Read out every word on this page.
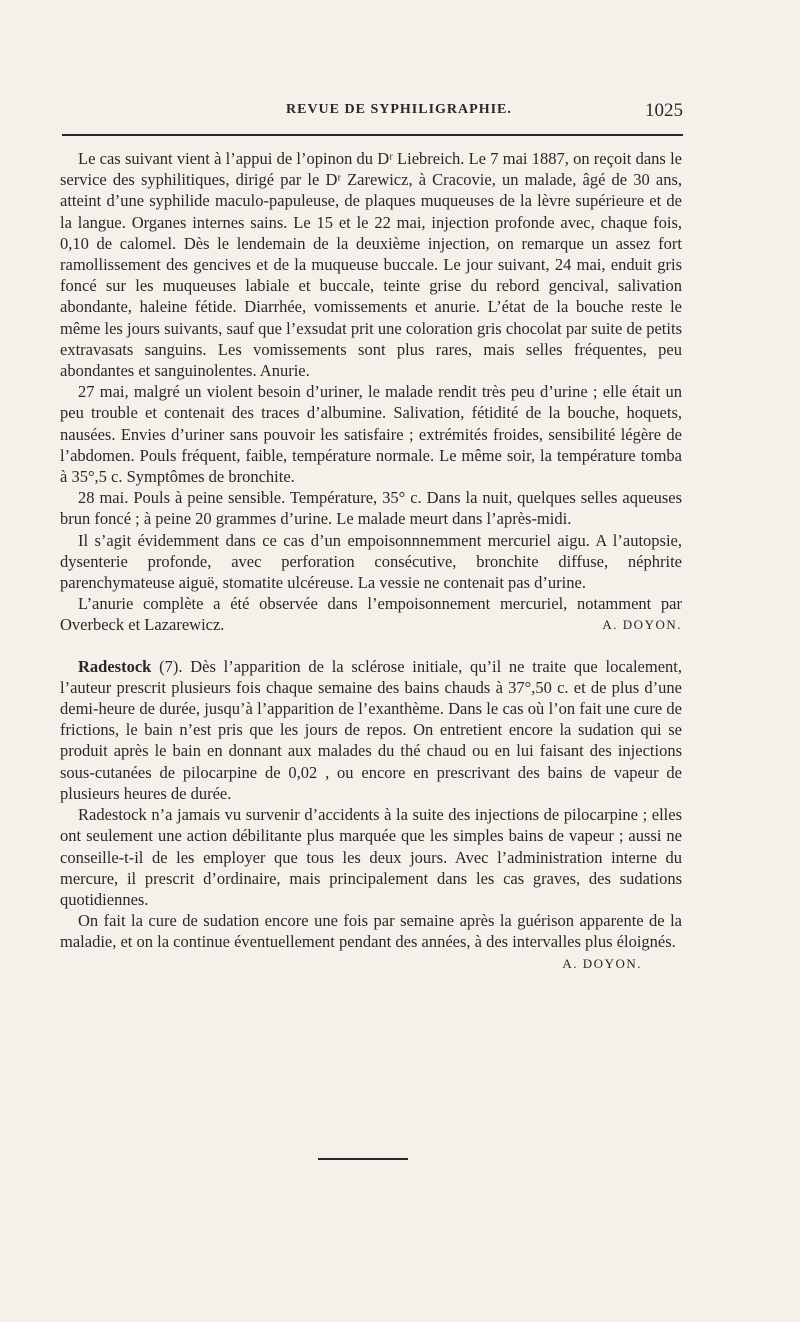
REVUE DE SYPHILIGRAPHIE.	1025

Le cas suivant vient à l’appui de l’opinon du Dʳ Liebreich. Le 7 mai 1887, on reçoit dans le service des syphilitiques, dirigé par le Dʳ Zarewicz, à Cracovie, un malade, âgé de 30 ans, atteint d’une syphilide maculo-papuleuse, de plaques muqueuses de la lèvre supérieure et de la langue. Organes internes sains. Le 15 et le 22 mai, injection profonde avec, chaque fois, 0,10 de calomel. Dès le lendemain de la deuxième injection, on remarque un assez fort ramollissement des gencives et de la muqueuse buccale. Le jour suivant, 24 mai, enduit gris foncé sur les muqueuses labiale et buccale, teinte grise du rebord gencival, salivation abondante, haleine fétide. Diarrhée, vomissements et anurie. L’état de la bouche reste le même les jours suivants, sauf que l’exsudat prit une coloration gris chocolat par suite de petits extravasats sanguins. Les vomissements sont plus rares, mais selles fréquentes, peu abondantes et sanguinolentes. Anurie.

27 mai, malgré un violent besoin d’uriner, le malade rendit très peu d’urine ; elle était un peu trouble et contenait des traces d’albumine. Salivation, fétidité de la bouche, hoquets, nausées. Envies d’uriner sans pouvoir les satisfaire ; extrémités froides, sensibilité légère de l’abdomen. Pouls fréquent, faible, température normale. Le même soir, la température tomba à 35°,5 c. Symptômes de bronchite.

28 mai. Pouls à peine sensible. Température, 35° c. Dans la nuit, quelques selles aqueuses brun foncé ; à peine 20 grammes d’urine. Le malade meurt dans l’après-midi.

Il s’agit évidemment dans ce cas d’un empoisonnnemment mercuriel aigu. A l’autopsie, dysenterie profonde, avec perforation consécutive, bronchite diffuse, néphrite parenchymateuse aiguë, stomatite ulcéreuse. La vessie ne contenait pas d’urine.

L’anurie complète a été observée dans l’empoisonnement mercuriel, notamment par Overbeck et Lazarewicz.	A. DOYON.

Radestock (7). Dès l’apparition de la sclérose initiale, qu’il ne traite que localement, l’auteur prescrit plusieurs fois chaque semaine des bains chauds à 37°,50 c. et de plus d’une demi-heure de durée, jusqu’à l’apparition de l’exanthème. Dans le cas où l’on fait une cure de frictions, le bain n’est pris que les jours de repos. On entretient encore la sudation qui se produit après le bain en donnant aux malades du thé chaud ou en lui faisant des injections sous-cutanées de pilocarpine de 0,02 , ou encore en prescrivant des bains de vapeur de plusieurs heures de durée.

Radestock n’a jamais vu survenir d’accidents à la suite des injections de pilocarpine ; elles ont seulement une action débilitante plus marquée que les simples bains de vapeur ; aussi ne conseille-t-il de les employer que tous les deux jours. Avec l’administration interne du mercure, il prescrit d’ordinaire, mais principalement dans les cas graves, des sudations quotidiennes.

On fait la cure de sudation encore une fois par semaine après la guérison apparente de la maladie, et on la continue éventuellement pendant des années, à des intervalles plus éloignés.
A. DOYON.
